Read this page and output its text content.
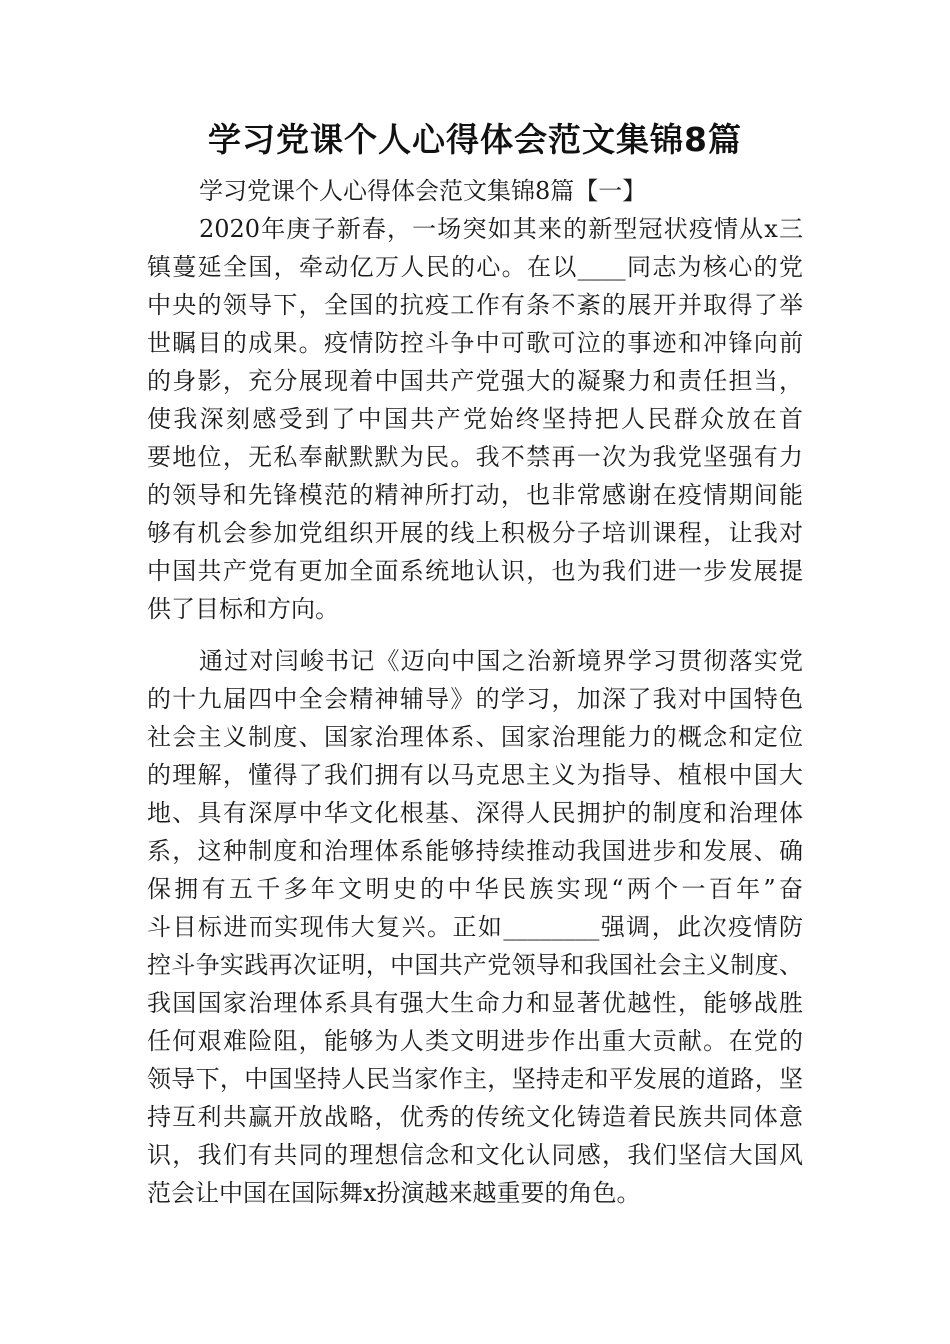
学习党课个人心得体会范文集锦8篇
学习党课个人心得体会范文集锦8篇【一】
2020年庚子新春，一场突如其来的新型冠状疫情从x三
镇蔓延全国，牵动亿万人民的心。在以____同志为核心的党
中央的领导下，全国的抗疫工作有条不紊的展开并取得了举
世瞩目的成果。疫情防控斗争中可歌可泣的事迹和冲锋向前
的身影，充分展现着中国共产党强大的凝聚力和责任担当，
使我深刻感受到了中国共产党始终坚持把人民群众放在首
要地位，无私奉献默默为民。我不禁再一次为我党坚强有力
的领导和先锋模范的精神所打动，也非常感谢在疫情期间能
够有机会参加党组织开展的线上积极分子培训课程，让我对
中国共产党有更加全面系统地认识，也为我们进一步发展提
供了目标和方向。
通过对闫峻书记《迈向中国之治新境界学习贯彻落实党
的十九届四中全会精神辅导》的学习，加深了我对中国特色
社会主义制度、国家治理体系、国家治理能力的概念和定位
的理解，懂得了我们拥有以马克思主义为指导、植根中国大
地、具有深厚中华文化根基、深得人民拥护的制度和治理体
系，这种制度和治理体系能够持续推动我国进步和发展、确
保拥有五千多年文明史的中华民族实现“两个一百年”奋
斗目标进而实现伟大复兴。正如________强调，此次疫情防
控斗争实践再次证明，中国共产党领导和我国社会主义制度、
我国国家治理体系具有强大生命力和显著优越性，能够战胜
任何艰难险阻，能够为人类文明进步作出重大贡献。在党的
领导下，中国坚持人民当家作主，坚持走和平发展的道路，坚
持互利共赢开放战略，优秀的传统文化铸造着民族共同体意
识，我们有共同的理想信念和文化认同感，我们坚信大国风
范会让中国在国际舞x扮演越来越重要的角色。
